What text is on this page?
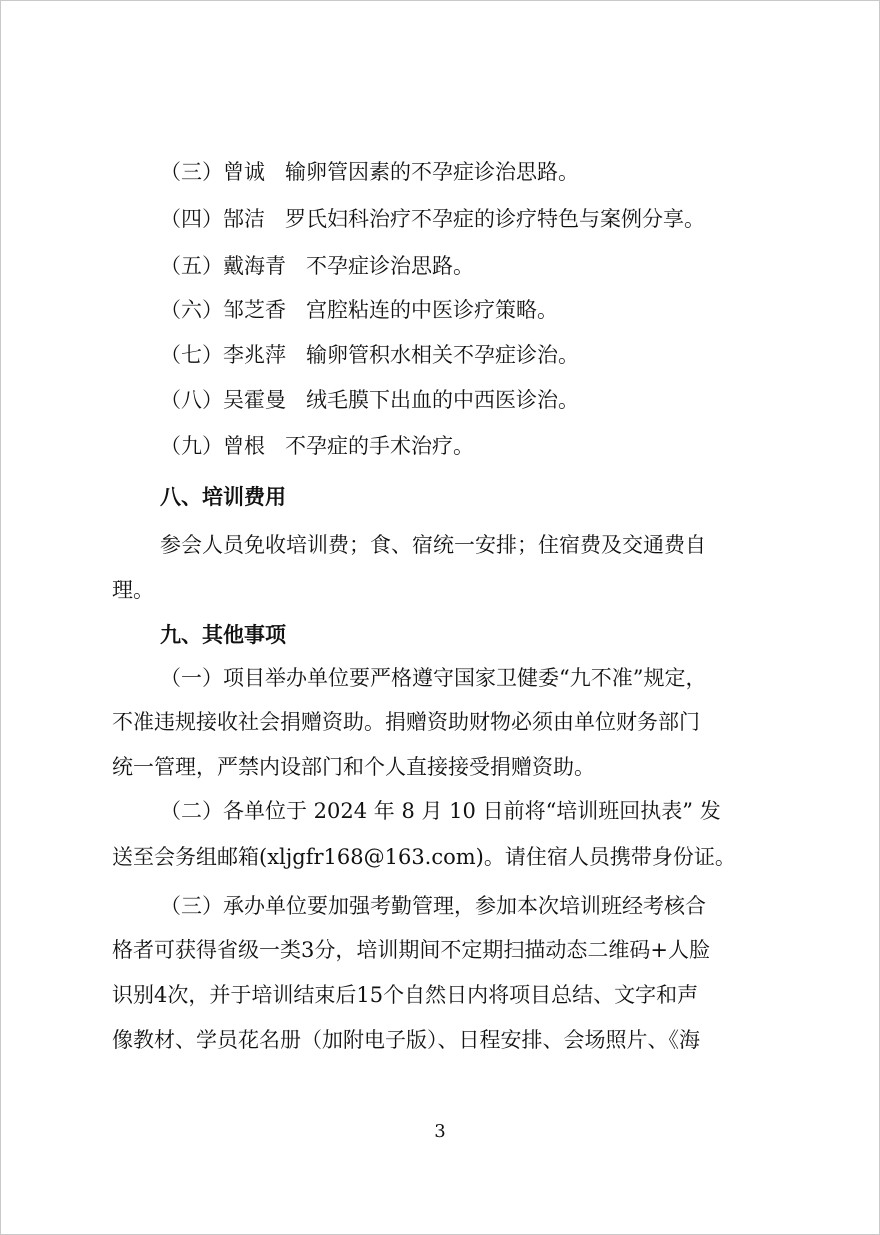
（三）曾诚 输卵管因素的不孕症诊治思路。
（四）郜洁 罗氏妇科治疗不孕症的诊疗特色与案例分享。
（五）戴海青 不孕症诊治思路。
（六）邹芝香 宫腔粘连的中医诊疗策略。
（七）李兆萍 输卵管积水相关不孕症诊治。
（八）吴霍曼 绒毛膜下出血的中西医诊治。
（九）曾根 不孕症的手术治疗。
八、培训费用
参会人员免收培训费；食、宿统一安排；住宿费及交通费自
理。
九、其他事项
（一）项目举办单位要严格遵守国家卫健委“九不准”规定，
不准违规接收社会捐赠资助。捐赠资助财物必须由单位财务部门
统一管理，严禁内设部门和个人直接接受捐赠资助。
（二）各单位于 2024 年 8 月 10 日前将“培训班回执表” 发
送至会务组邮箱(xljgfr168@163.com)。请住宿人员携带身份证。
（三）承办单位要加强考勤管理，参加本次培训班经考核合
格者可获得省级一类3分，培训期间不定期扫描动态二维码+人脸
识别4次，并于培训结束后15个自然日内将项目总结、文字和声
像教材、学员花名册（加附电子版）、日程安排、会场照片、《海
3
